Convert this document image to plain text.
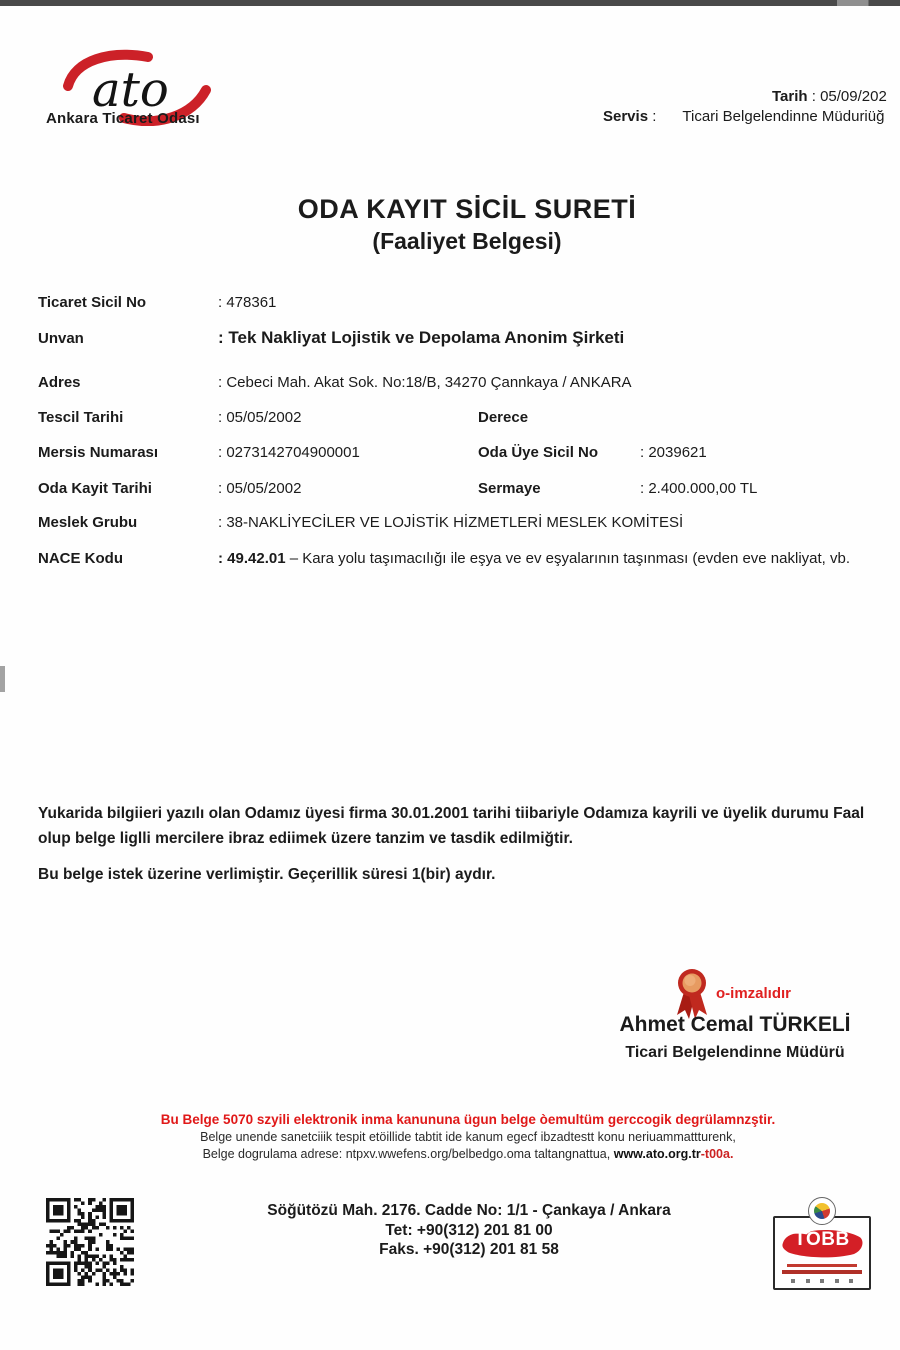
ato
Ankara Ticaret Odası
Tarih : 05/09/202
Servis : Ticari Belgelendinne Müduriüğ
ODA KAYIT SİCİL SURETİ
(Faaliyet Belgesi)
Ticaret Sicil No	: 478361
Unvan	: Tek Nakliyat Lojistik ve Depolama Anonim Şirketi
Adres	: Cebeci Mah. Akat Sok. No:18/B, 34270 Çannkaya / ANKARA
Tescil Tarihi	: 05/05/2002	Derece
Mersis Numarası	: 0273142704900001	Oda Üye Sicil No	: 2039621
Oda Kayit Tarihi	: 05/05/2002	Sermaye	: 2.400.000,00 TL
Meslek Grubu	: 38-NAKLİYECİLER VE LOJİSTİK HİZMETLERİ MESLEK KOMİTESİ
NACE Kodu	: 49.42.01 – Kara yolu taşımacılığı ile eşya ve ev eşyalarının taşınması (evden eve nakliyat, vb.
Yukarida bilgiieri yazılı olan Odamız üyesi firma 30.01.2001 tarihi tiibariyle Odamıza kayrili ve üyelik durumu Faal olup belge liglli mercilere ibraz ediimek üzere tanzim ve tasdik edilmiğtir.
Bu belge istek üzerine verlimiştir. Geçerillik süresi 1(bir) aydır.
o-imzalıdır
Ahmet Cemal TÜRKELİ
Ticari Belgelendinne Müdürü
Bu Belge 5070 szyili elektronik inma kanununa ügun belge òemultüm gerccogik degrülamnzştir.
Belge unende sanetciiik tespit etöillide tabtit ide kanum egecf ibzadtestt konu neriuammattturenk,
Belge dogrulama adrese: ntpxv.wwefens.org/belbedgo.oma taltangnattua, www.ato.org.tr-t00a.
Söğütözü Mah. 2176. Cadde No: 1/1 - Çankaya / Ankara
Tet: +90(312) 201 81 00
Faks. +90(312) 201 81 58	TOBB
